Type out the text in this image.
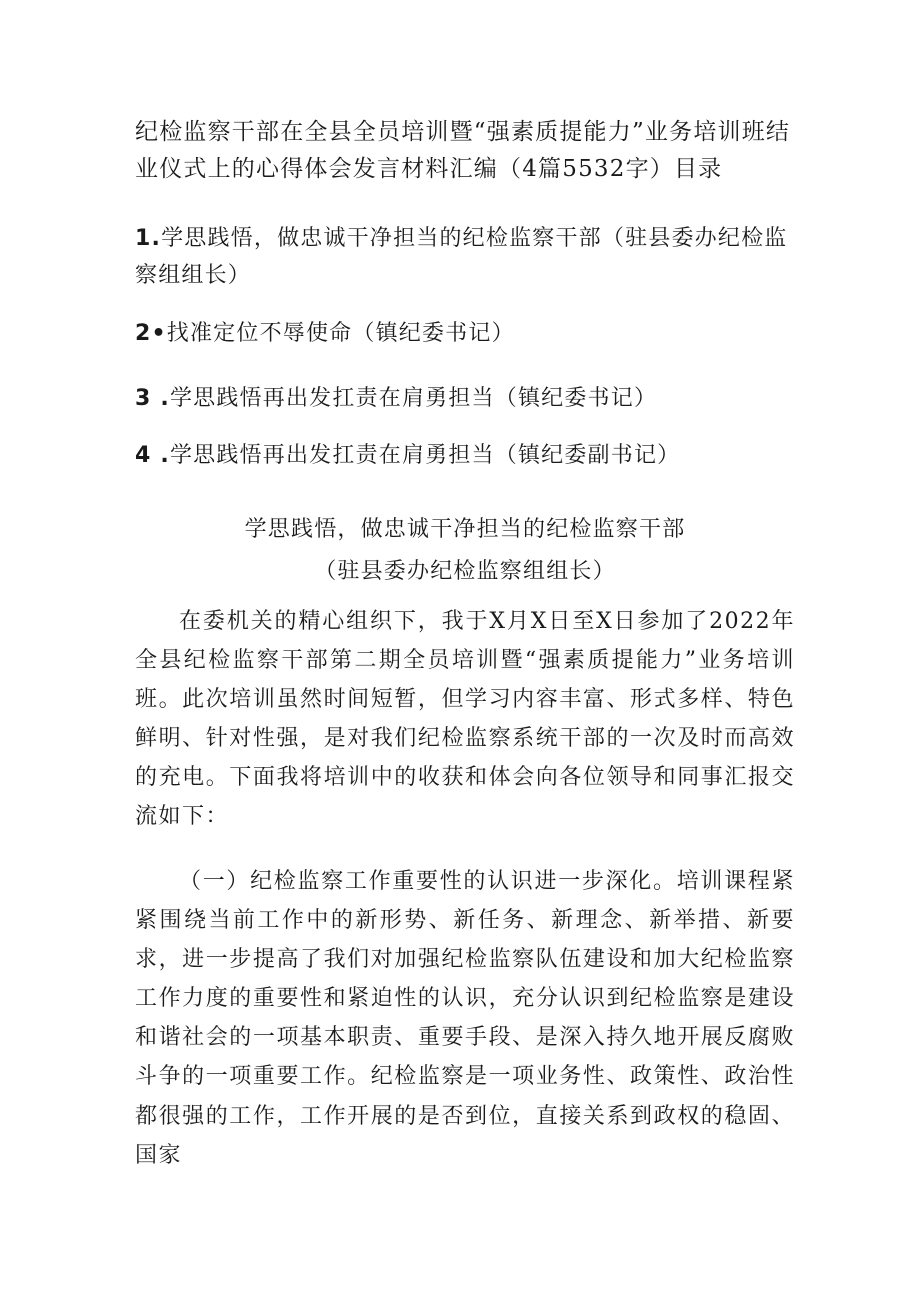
纪检监察干部在全县全员培训暨“强素质提能力”业务培训班结业仪式上的心得体会发言材料汇编（4篇5532字）目录
1.学思践悟，做忠诚干净担当的纪检监察干部（驻县委办纪检监察组组长）
2•找准定位不辱使命（镇纪委书记）
3 .学思践悟再出发扛责在肩勇担当（镇纪委书记）
4 .学思践悟再出发扛责在肩勇担当（镇纪委副书记）
学思践悟，做忠诚干净担当的纪检监察干部
（驻县委办纪检监察组组长）

在委机关的精心组织下，我于X月X日至X日参加了2022年全县纪检监察干部第二期全员培训暨“强素质提能力”业务培训班。此次培训虽然时间短暂，但学习内容丰富、形式多样、特色鲜明、针对性强，是对我们纪检监察系统干部的一次及时而高效的充电。下面我将培训中的收获和体会向各位领导和同事汇报交流如下：

（一）纪检监察工作重要性的认识进一步深化。培训课程紧紧围绕当前工作中的新形势、新任务、新理念、新举措、新要求，进一步提高了我们对加强纪检监察队伍建设和加大纪检监察工作力度的重要性和紧迫性的认识，充分认识到纪检监察是建设和谐社会的一项基本职责、重要手段、是深入持久地开展反腐败斗争的一项重要工作。纪检监察是一项业务性、政策性、政治性都很强的工作，工作开展的是否到位，直接关系到政权的稳固、国家
